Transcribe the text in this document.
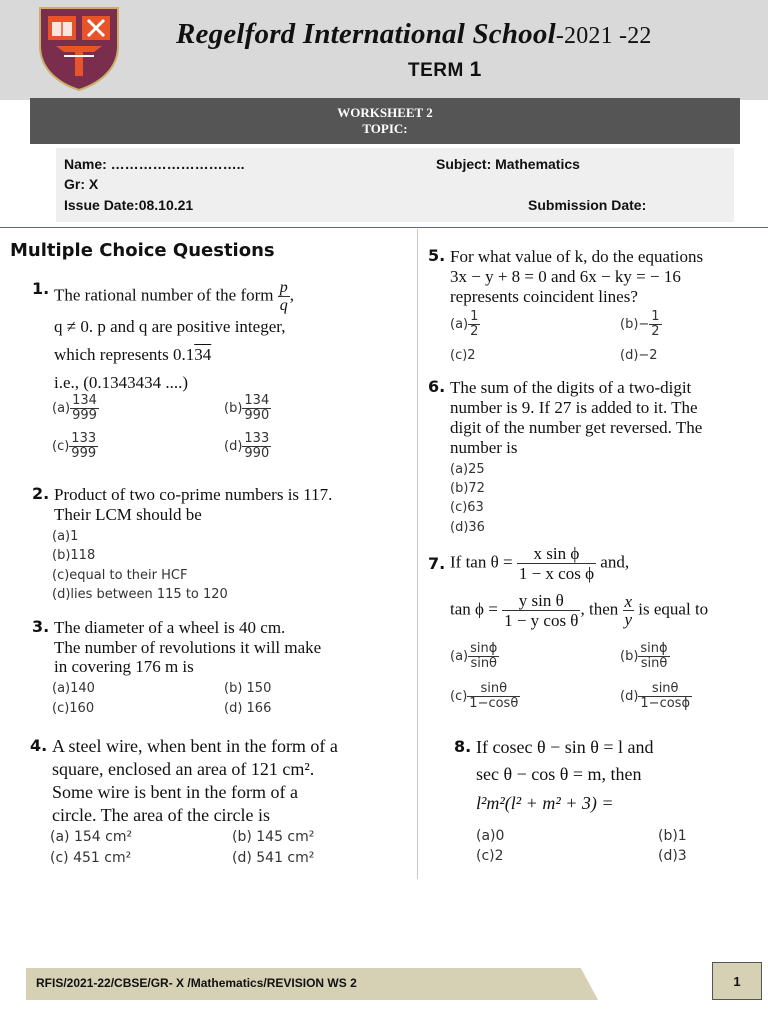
Regelford International School-2021 -22
TERM 1
WORKSHEET 2
TOPIC:
Name: ………………………..	Subject: Mathematics
Gr: X
Issue Date:08.10.21	Submission Date:
Multiple Choice Questions
1. The rational number of the form $\frac{p}{q}$ ,
q ≠ 0. p and q are positive integer,
which represents 0.134
i.e., (0.1343434 ....)
$(a) \frac{134}{999}$	$(b) \frac{134}{990}$
$(c) \frac{133}{999}$	$(d) \frac{133}{990}$
2. Product of two co-prime numbers is 117.
Their LCM should be
(a)1
(b)118
(c)equal to their HCF
(d)lies between 115 to 120
3. The diameter of a wheel is 40 cm.
The number of revolutions it will make
in covering 176 m is
(a)140	(b) 150
(c)160	(d) 166
4. A steel wire, when bent in the form of a
square, enclosed an area of 121 cm².
Some wire is bent in the form of a
circle. The area of the circle is
(a) 154 cm²	(b) 145 cm²
(c) 451 cm²	(d) 541 cm²
5. For what value of k, do the equations
3x − y + 8 = 0 and 6x − ky = − 16
represents coincident lines?
$(a) \frac{1}{2}$	$(b)- \frac{1}{2}$
(c)2	(d)−2
6. The sum of the digits of a two-digit
number is 9. If 27 is added to it. The
digit of the number get reversed. The
number is
(a)25
(b)72
(c)63
(d)36
7. If $\tan \theta = \frac{\text{x sin ϕ}}{\text{1 − x cos ϕ}}$ and,
$\tan \phi = \frac{\text{y sin θ}}{\text{1 − y cos θ}}$ , then $\frac{x}{y}$ is equal to
$(a) \frac{\sin\phi}{\sin\theta}$	$(b) \frac{\sin\phi}{\sin\theta}$
$(c) \frac{\sin\theta}{1-\cos\theta}$	$(d) \frac{\sin\theta}{1-\cos\phi}$
8. If cosec θ − sin θ = l and
sec θ − cos θ = m, then
l²m²(l² + m² + 3) =
(a)0	(b)1
(c)2	(d)3
RFIS/2021-22/CBSE/GR- X /Mathematics/REVISION WS 2	1
